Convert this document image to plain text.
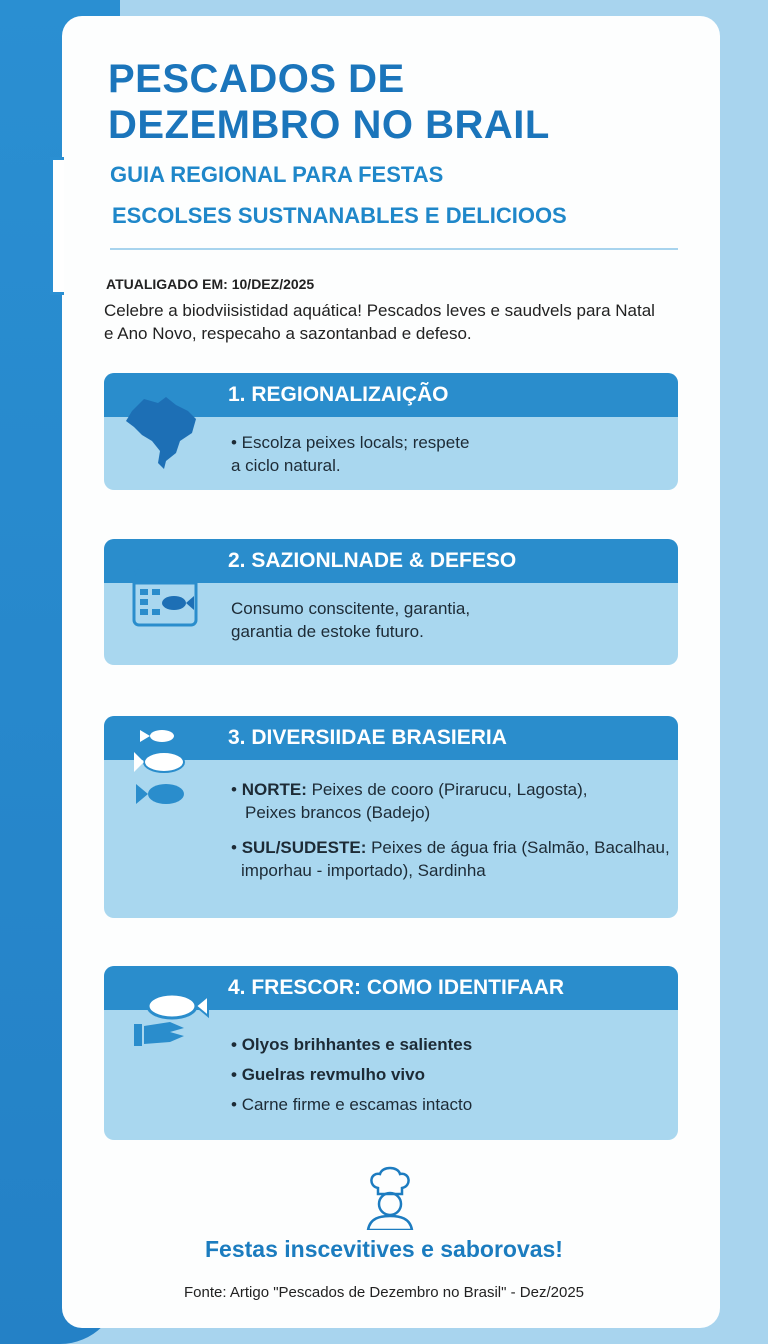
PESCADOS DE
DEZEMBRO NO BRAIL
GUIA REGIONAL PARA FESTAS
ESCOLSES SUSTNANABLES E DELICIOOS
ATUALIGADO EM: 10/DEZ/2025
Celebre a biodviisistidad aquática! Pescados leves e saudvels para Natal e Ano Novo, respecaho a sazontanbad e defeso.
1. REGIONALIZAIÇÃO
• Escolza peixes locals; respete
a ciclo natural.
2. SAZIONLNADE & DEFESO
Consumo conscitente, garantia,
garantia de estoke futuro.
3. DIVERSIIDAE BRASIERIA
• NORTE: Peixes de cooro (Pirarucu, Lagosta),
Peixes brancos (Badejo)
• SUL/SUDESTE: Peixes de água fria (Salmão, Bacalhau,
imporhau - importado), Sardinha
4. FRESCOR: COMO IDENTIFAAR
• Olyos brihhantes e salientes
• Guelras revmulho vivo
• Carne firme e escamas intacto
Festas inscevitives e saborovas!
Fonte: Artigo "Pescados de Dezembro no Brasil" - Dez/2025
